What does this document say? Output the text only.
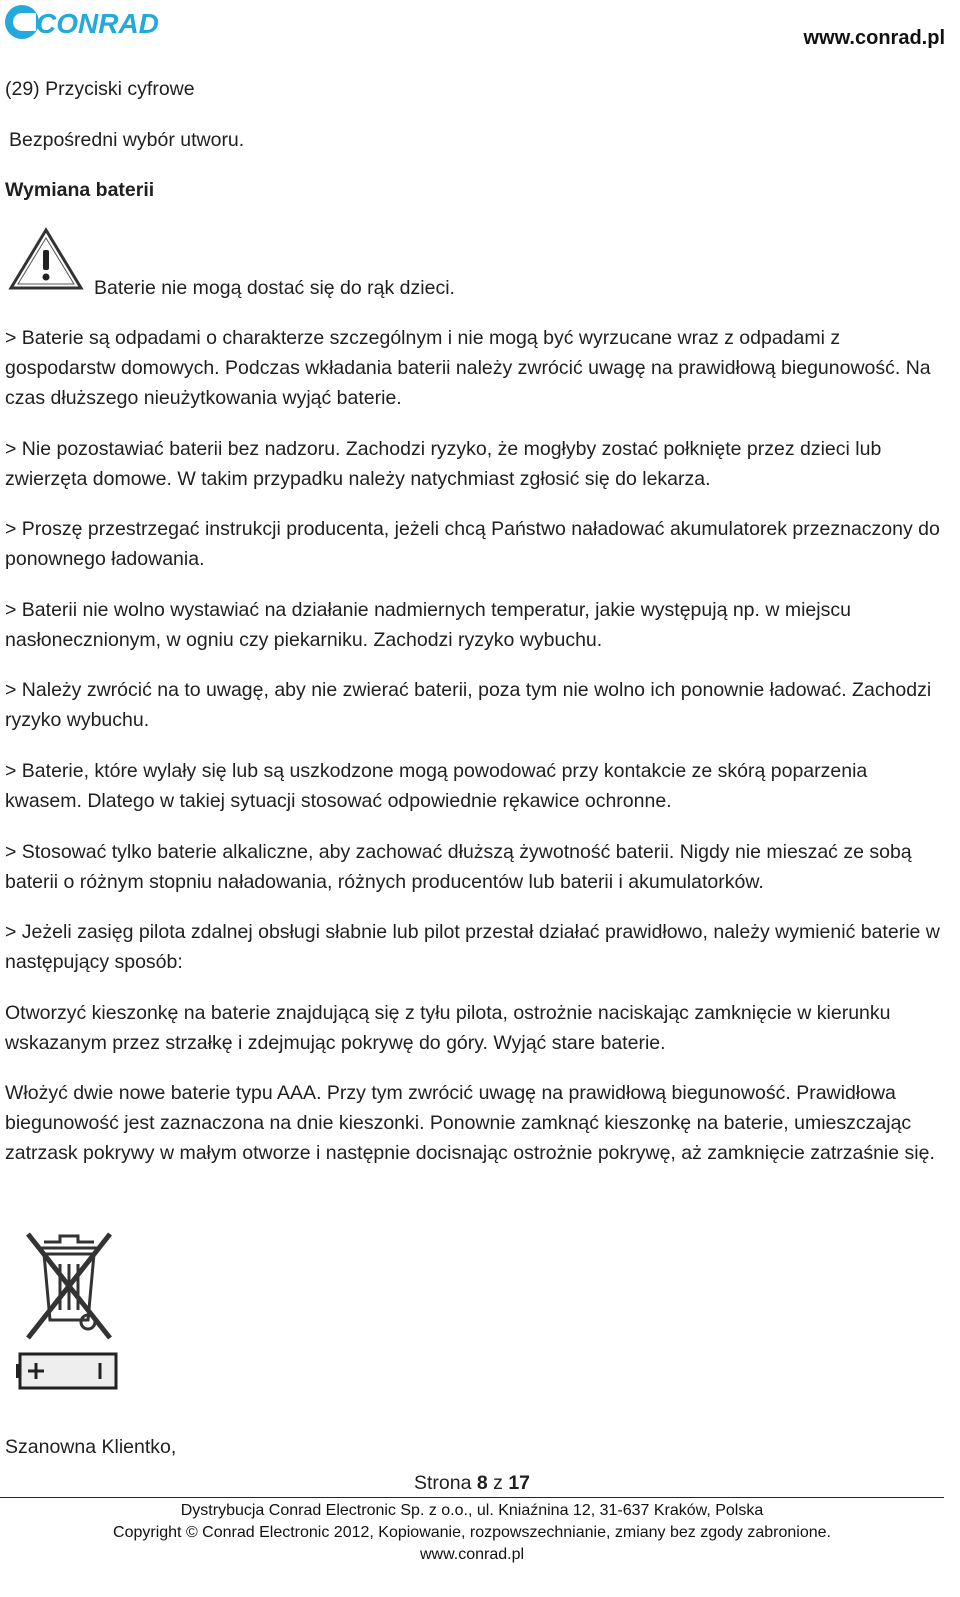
CONRAD	www.conrad.pl
(29) Przyciski cyfrowe
Bezpośredni wybór utworu.
Wymiana baterii
Baterie nie mogą dostać się do rąk dzieci.
> Baterie są odpadami o charakterze szczególnym i nie mogą być wyrzucane wraz z odpadami z gospodarstw domowych. Podczas wkładania baterii należy zwrócić uwagę na prawidłową biegunowość. Na czas dłuższego nieużytkowania wyjąć baterie.
> Nie pozostawiać baterii bez nadzoru. Zachodzi ryzyko, że mogłyby zostać połknięte przez dzieci lub zwierzęta domowe. W takim przypadku należy natychmiast zgłosić się do lekarza.
> Proszę przestrzegać instrukcji producenta, jeżeli chcą Państwo naładować akumulatorek przeznaczony do ponownego ładowania.
> Baterii nie wolno wystawiać na działanie nadmiernych temperatur, jakie występują np. w miejscu nasłonecznionym, w ogniu czy piekarniku. Zachodzi ryzyko wybuchu.
> Należy zwrócić na to uwagę, aby nie zwierać baterii, poza tym nie wolno ich ponownie ładować. Zachodzi ryzyko wybuchu.
> Baterie, które wylały się lub są uszkodzone mogą powodować przy kontakcie ze skórą poparzenia kwasem. Dlatego w takiej sytuacji stosować odpowiednie rękawice ochronne.
> Stosować tylko baterie alkaliczne, aby zachować dłuższą żywotność baterii. Nigdy nie mieszać ze sobą baterii o różnym stopniu naładowania, różnych producentów lub baterii i akumulatorków.
> Jeżeli zasięg pilota zdalnej obsługi słabnie lub pilot przestał działać prawidłowo, należy wymienić baterie w następujący sposób:
Otworzyć kieszonkę na baterie znajdującą się z tyłu pilota, ostrożnie naciskając zamknięcie w kierunku wskazanym przez strzałkę i zdejmując pokrywę do góry. Wyjąć stare baterie.
Włożyć dwie nowe baterie typu AAA. Przy tym zwrócić uwagę na prawidłową biegunowość. Prawidłowa biegunowość jest zaznaczona na dnie kieszonki. Ponownie zamknąć kieszonkę na baterie, umieszczając zatrzask pokrywy w małym otworze i następnie docisnając ostrożnie pokrywę, aż zamknięcie zatrzaśnie się.
Szanowna Klientko,
Strona 8 z 17
Dystrybucja Conrad Electronic Sp. z o.o., ul. Kniaźnina 12, 31-637 Kraków, Polska
Copyright © Conrad Electronic 2012, Kopiowanie, rozpowszechnianie, zmiany bez zgody zabronione.
www.conrad.pl
